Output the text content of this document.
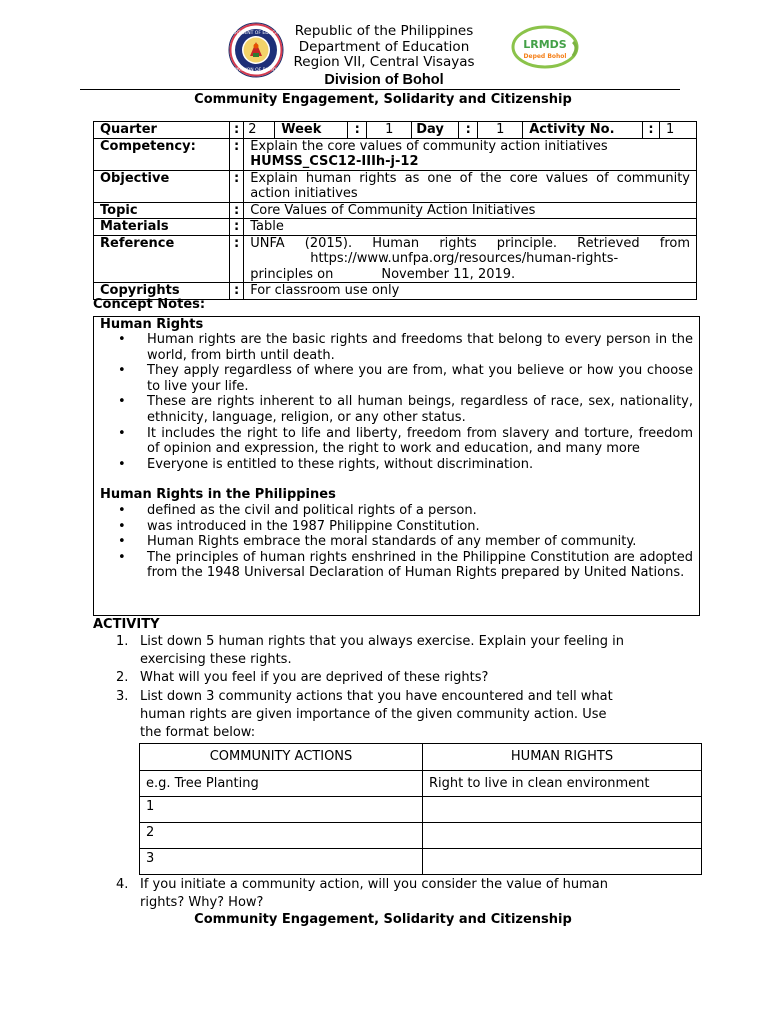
DEPARTMENT OF EDUCATION
DIVISION OF BOHOL
Republic of the Philippines
Department of Education
Region VII, Central Visayas
Division of Bohol
LRMDS
Deped Bohol
Community Engagement, Solidarity and Citizenship
Quarter	:	2	Week	:	1	Day	:	1	Activity No.	:	1

Competency:	:	Explain the core values of community action initiatives
HUMSS_CSC12-IIIh-j-12

Objective	:	Explain human rights as one of the core values of community action initiatives
Topic	:	Core Values of Community Action Initiatives
Materials	:	Table
Reference	:	UNFA (2015). Human rights principle. Retrieved from
https://www.unfpa.org/resources/human-rights-
principles on	November 11, 2019.

Copyrights	:	For classroom use only
Concept Notes:
Human Rights
• Human rights are the basic rights and freedoms that belong to every person in the world, from birth until death.
• They apply regardless of where you are from, what you believe or how you choose to live your life.
• These are rights inherent to all human beings, regardless of race, sex, nationality, ethnicity, language, religion, or any other status.
• It includes the right to life and liberty, freedom from slavery and torture, freedom of opinion and expression, the right to work and education, and many more
• Everyone is entitled to these rights, without discrimination.
Human Rights in the Philippines
• defined as the civil and political rights of a person.
• was introduced in the 1987 Philippine Constitution.
• Human Rights embrace the moral standards of any member of community.
• The principles of human rights enshrined in the Philippine Constitution are adopted from the 1948 Universal Declaration of Human Rights prepared by United Nations.
ACTIVITY
1. List down 5 human rights that you always exercise. Explain your feeling in
exercising these rights.
2. What will you feel if you are deprived of these rights?
3. List down 3 community actions that you have encountered and tell what
human rights are given importance of the given community action. Use
the format below:
COMMUNITY ACTIONS	HUMAN RIGHTS
e.g. Tree Planting	Right to live in clean environment
1	
2	
3	
4. If you initiate a community action, will you consider the value of human
rights? Why? How?
Community Engagement, Solidarity and Citizenship
